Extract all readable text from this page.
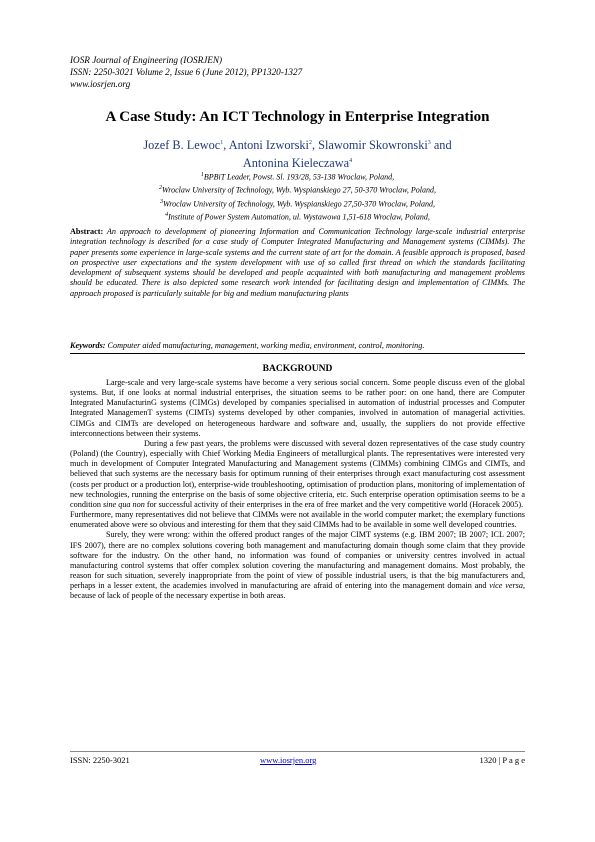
IOSR Journal of Engineering (IOSRJEN)
ISSN: 2250-3021 Volume 2, Issue 6 (June 2012), PP1320-1327
www.iosrjen.org
A Case Study: An ICT Technology in Enterprise Integration
Jozef B. Lewoc$^1$, Antoni Izworski$^2$, Slawomir Skowronski$^3$ and
Antonina Kieleczawa$^4$
$^1$BPBiT Leader, Powst. Sl. 193/28, 53-138 Wroclaw, Poland,
$^2$Wroclaw University of Technology, Wyb. Wyspianskiego 27, 50-370 Wroclaw, Poland,
$^3$Wroclaw University of Technology, Wyb. Wyspianskiego 27,50-370 Wroclaw, Poland,
$^4$Institute of Power System Automation, ul. Wystawowa 1,51-618 Wroclaw, Poland,
Abstract: An approach to development of pioneering Information and Communication Technology large-scale industrial enterprise integration technology is described for a case study of Computer Integrated Manufacturing and Management systems (CIMMs). The paper presents some experience in large-scale systems and the current state of art for the domain. A feasible approach is proposed, based on prospective user expectations and the system development with use of so called first thread on which the standards facilitating development of subsequent systems should be developed and people acquainted with both manufacturing and management problems should be educated. There is also depicted some research work intended for facilitating design and implementation of CIMMs. The approach proposed is particularly suitable for big and medium manufacturing plants
Keywords: Computer aided manufacturing, management, working media, environment, control, monitoring.
BACKGROUND

Large-scale and very large-scale systems have become a very serious social concern. Some people discuss even of the global systems. But, if one looks at normal industrial enterprises, the situation seems to be rather poor: on one hand, there are Computer Integrated ManufacturinG systems (CIMGs) developed by companies specialised in automation of industrial processes and Computer Integrated ManagemenT systems (CIMTs) systems developed by other companies, involved in automation of managerial activities. CIMGs and CIMTs are developed on heterogeneous hardware and software and, usually, the suppliers do not provide effective interconnections between their systems.

During a few past years, the problems were discussed with several dozen representatives of the case study country (Poland) (the Country), especially with Chief Working Media Engineers of metallurgical plants. The representatives were interested very much in development of Computer Integrated Manufacturing and Management systems (CIMMs) combining CIMGs and CIMTs, and believed that such systems are the necessary basis for optimum running of their enterprises through exact manufacturing cost assessment (costs per product or a production lot), enterprise-wide troubleshooting, optimisation of production plans, monitoring of implementation of new technologies, running the enterprise on the basis of some objective criteria, etc. Such enterprise operation optimisation seems to be a condition sine qua non for successful activity of their enterprises in the era of free market and the very competitive world (Horacek 2005).

Furthermore, many representatives did not believe that CIMMs were not available in the world computer market; the exemplary functions enumerated above were so obvious and interesting for them that they said CIMMs had to be available in some well developed countries.

Surely, they were wrong: within the offered product ranges of the major CIMT systems (e.g. IBM 2007; IB 2007; ICL 2007; IFS 2007), there are no complex solutions covering both management and manufacturing domain though some claim that they provide software for the industry. On the other hand, no information was found of companies or university centres involved in actual manufacturing control systems that offer complex solution covering the manufacturing and management domains. Most probably, the reason for such situation, severely inappropriate from the point of view of possible industrial users, is that the big manufacturers and, perhaps in a lesser extent, the academies involved in manufacturing are afraid of entering into the management domain and vice versa, because of lack of people of the necessary expertise in both areas.

ISSN: 2250-3021	www.iosrjen.org	1320 | P a g e
